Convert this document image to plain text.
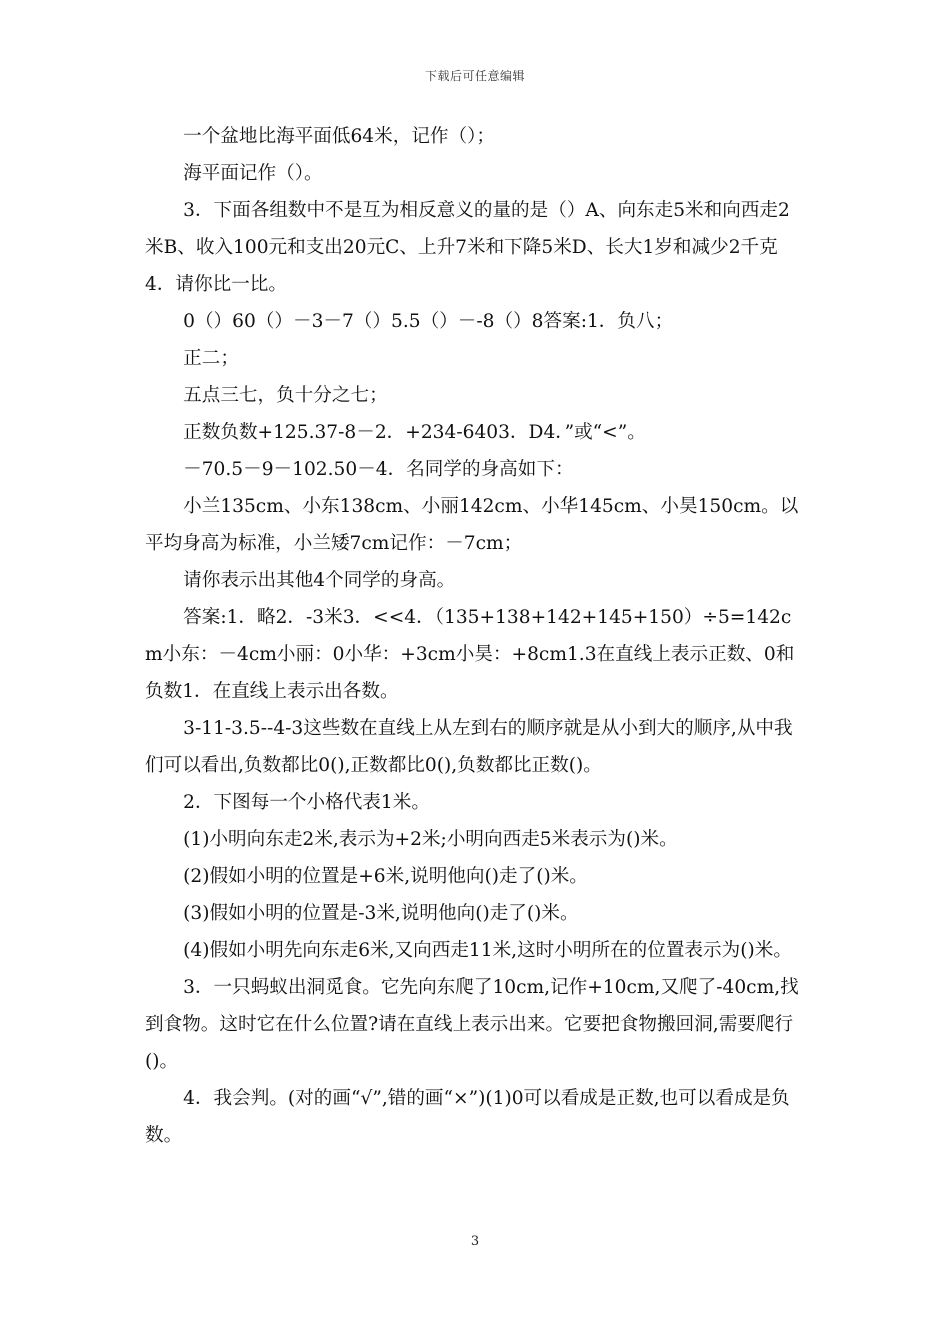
下载后可任意编辑

一个盆地比海平面低64米，记作（）；

海平面记作（）。

3．下面各组数中不是互为相反意义的量的是（）A、向东走5米和向西走2米B、收入100元和支出20元C、上升7米和下降5米D、长大1岁和减少2千克4．请你比一比。

0（）60（）－3－7（）5.5（）－-8（）8答案:1．负八；

正二；

五点三七，负十分之七；

正数负数+125.37-8－2．+234-6403．D4．”或“<”。

－70.5－9－102.50－4．名同学的身高如下：

小兰135cm、小东138cm、小丽142cm、小华145cm、小昊150cm。以平均身高为标准，小兰矮7cm记作：－7cm；

请你表示出其他4个同学的身高。

答案:1．略2．-3米3．<<4．（135+138+142+145+150）÷5=142cm小东：－4cm小丽：0小华：+3cm小昊：+8cm1.3在直线上表示正数、0和负数1．在直线上表示出各数。

3-11-3.5--4-3这些数在直线上从左到右的顺序就是从小到大的顺序,从中我们可以看出,负数都比0(),正数都比0(),负数都比正数()。

2．下图每一个小格代表1米。

(1)小明向东走2米,表示为+2米;小明向西走5米表示为()米。

(2)假如小明的位置是+6米,说明他向()走了()米。

(3)假如小明的位置是-3米,说明他向()走了()米。

(4)假如小明先向东走6米,又向西走11米,这时小明所在的位置表示为()米。

3．一只蚂蚁出洞觅食。它先向东爬了10cm,记作+10cm,又爬了-40cm,找到食物。这时它在什么位置?请在直线上表示出来。它要把食物搬回洞,需要爬行()。

4．我会判。(对的画“√”,错的画“×”)(1)0可以看成是正数,也可以看成是负数。

3
